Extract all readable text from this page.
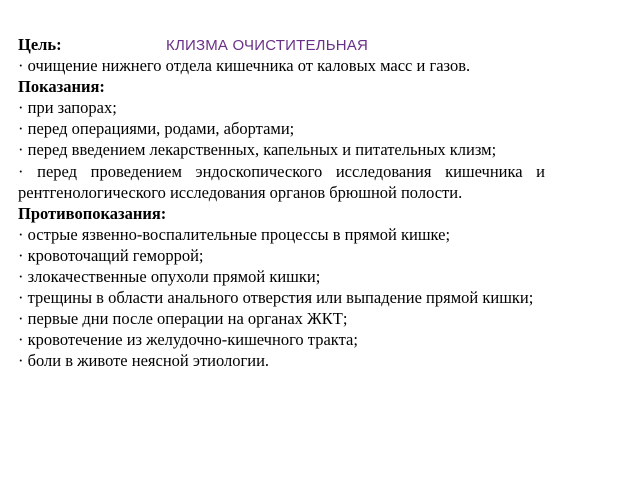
КЛИЗМА ОЧИСТИТЕЛЬНАЯ

Цель:

· очищение нижнего отдела кишечника от каловых масс и газов.

Показания:

· при запорах;
· перед операциями, родами, абортами;
· перед введением лекарственных, капельных и питательных клизм;
· перед проведением эндоскопического исследования кишечника и рентгенологического исследования органов брюшной полости.

Противопоказания:

· острые язвенно-воспалительные процессы в прямой кишке;
· кровоточащий геморрой;
· злокачественные опухоли прямой кишки;
· трещины в области анального отверстия или выпадение прямой кишки;
· первые дни после операции на органах ЖКТ;
· кровотечение из желудочно-кишечного тракта;
· боли в животе неясной этиологии.
